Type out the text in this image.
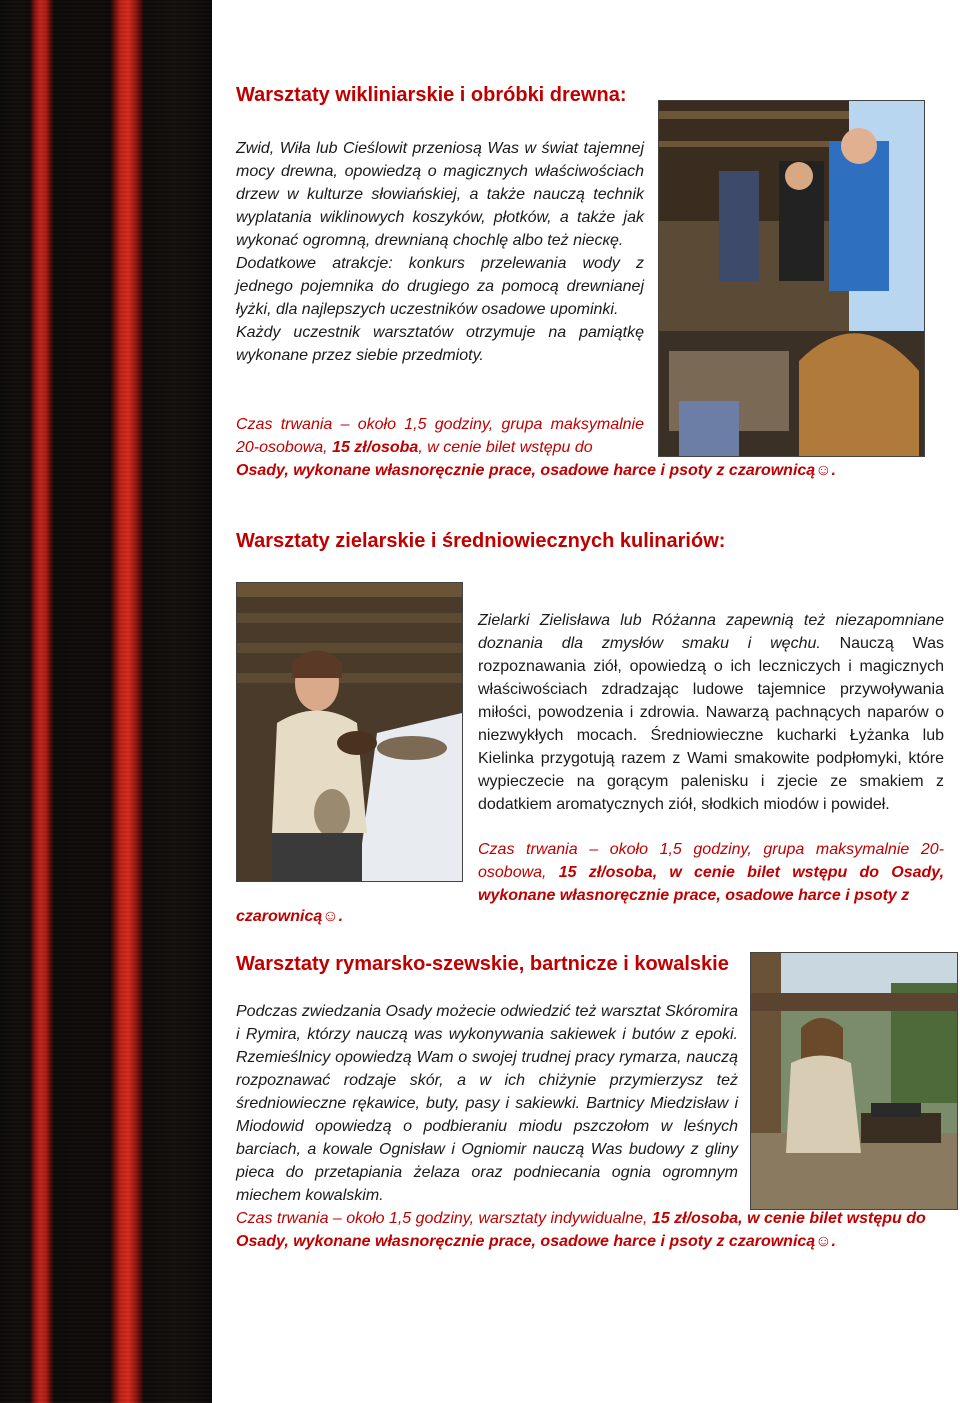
Warsztaty wikliniarskie i obróbki drewna:

Zwid, Wiła lub Cieślowit przeniosą Was w świat tajemnej mocy drewna, opowiedzą o magicznych właściwościach drzew w kulturze słowiańskiej, a także nauczą technik wyplatania wiklinowych koszyków, płotków, a także jak wykonać ogromną, drewnianą chochlę albo też niecкę.

Dodatkowe atrakcje: konkurs przelewania wody z jednego pojemnika do drugiego za pomocą drewnianej łyżki, dla najlepszych uczestników osadowe upominki.

Każdy uczestnik warsztatów otrzymuje na pamiątkę wykonane przez siebie przedmioty.

Czas trwania – około 1,5 godziny, grupa maksymalnie 20-osobowa, 15 zł/osoba, w cenie bilet wstępu do
Osady, wykonane własnoręcznie prace, osadowe harce i psoty z czarownicą☺.
Warsztaty zielarskie i średniowiecznych kulinariów:

Zielarki Zielisława lub Różanna zapewnią też niezapomniane doznania dla zmysłów smaku i węchu. Nauczą Was rozpoznawania ziół, opowiedzą o ich leczniczych i magicznych właściwościach zdradzając ludowe tajemnice przywoływania miłości, powodzenia i zdrowia. Nawarzą pachnących naparów o niezwykłych mocach. Średniowieczne kucharki Łyżanka lub Kielinka przygotują razem z Wami smakowite podpłomyki, które wypieczecie na gorącym palenisku i zjecie ze smakiem z dodatkiem aromatycznych ziół, słodkich miodów i powideł.

Czas trwania – około 1,5 godziny, grupa maksymalnie 20-osobowa, 15 zł/osoba, w cenie bilet wstępu do Osady, wykonane własnoręcznie prace, osadowe harce i psoty z
czarownicą☺.
Warsztaty rymarsko-szewskie, bartnicze i kowalskie

Podczas zwiedzania Osady możecie odwiedzić też warsztat Skóromira i Rymira, którzy nauczą was wykonywania sakiewek i butów z epoki. Rzemieślnicy opowiedzą Wam o swojej trudnej pracy rymarza, nauczą rozpoznawać rodzaje skór, a w ich chiżynie przymierzysz też średniowieczne rękawice, buty, pasy i sakiewki. Bartnicy Miedzisław i Miodowid opowiedzą o podbieraniu miodu pszczołom w leśnych barciach, a kowale Ognisław i Ogniomir nauczą Was budowy z gliny pieca do przetapiania żelaza oraz podniecania ognia ogromnym miechem kowalskim.

Czas trwania – około 1,5 godziny, warsztaty indywidualne, 15 zł/osoba, w cenie bilet wstępu do Osady, wykonane własnoręcznie prace, osadowe harce i psoty z czarownicą☺.
